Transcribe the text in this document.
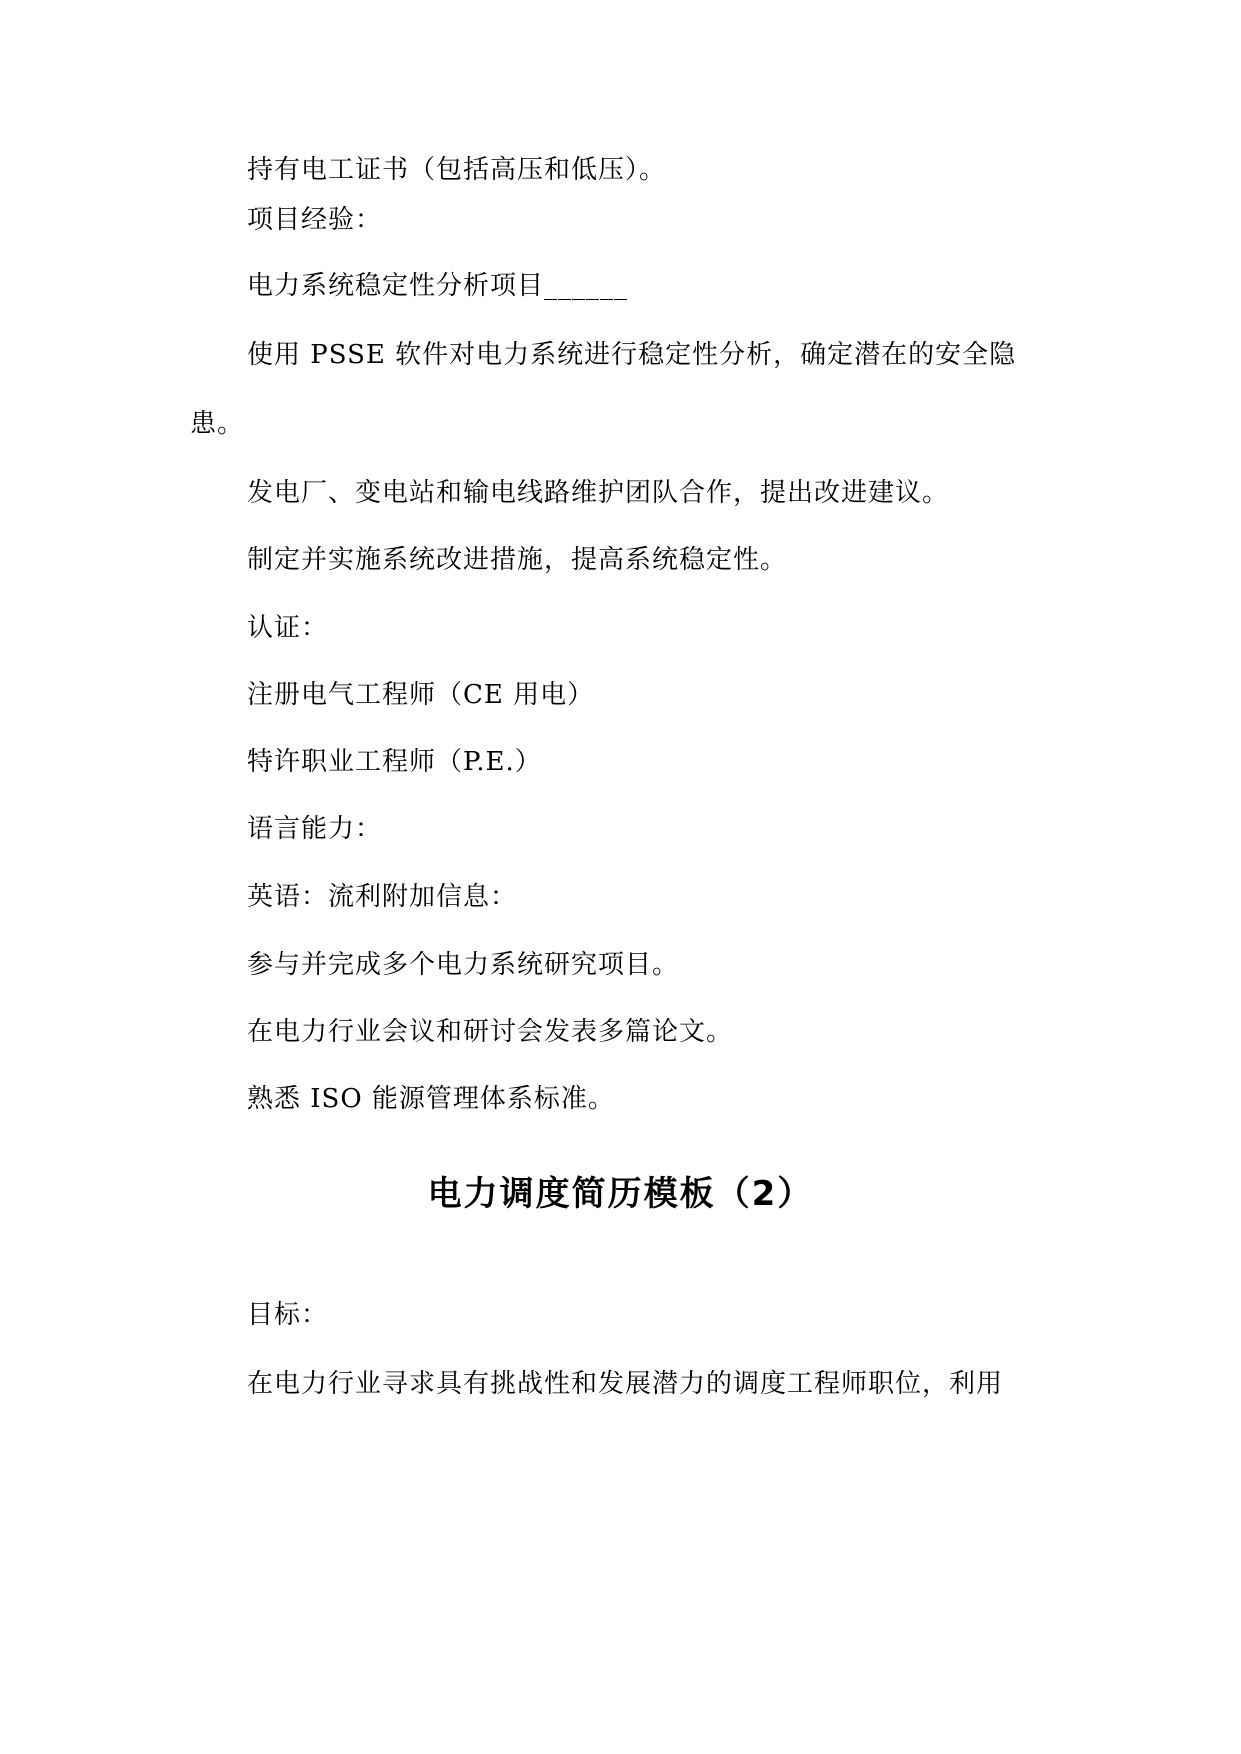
持有电工证书（包括高压和低压）。

项目经验：

电力系统稳定性分析项目______

使用 PSSE 软件对电力系统进行稳定性分析，确定潜在的安全隐

患。

发电厂、变电站和输电线路维护团队合作，提出改进建议。

制定并实施系统改进措施，提高系统稳定性。

认证：

注册电气工程师（CE 用电）

特许职业工程师（P.E.）

语言能力：

英语：流利附加信息：

参与并完成多个电力系统研究项目。

在电力行业会议和研讨会发表多篇论文。

熟悉 ISO 能源管理体系标准。

电力调度简历模板（2）

目标：

在电力行业寻求具有挑战性和发展潜力的调度工程师职位，利用
